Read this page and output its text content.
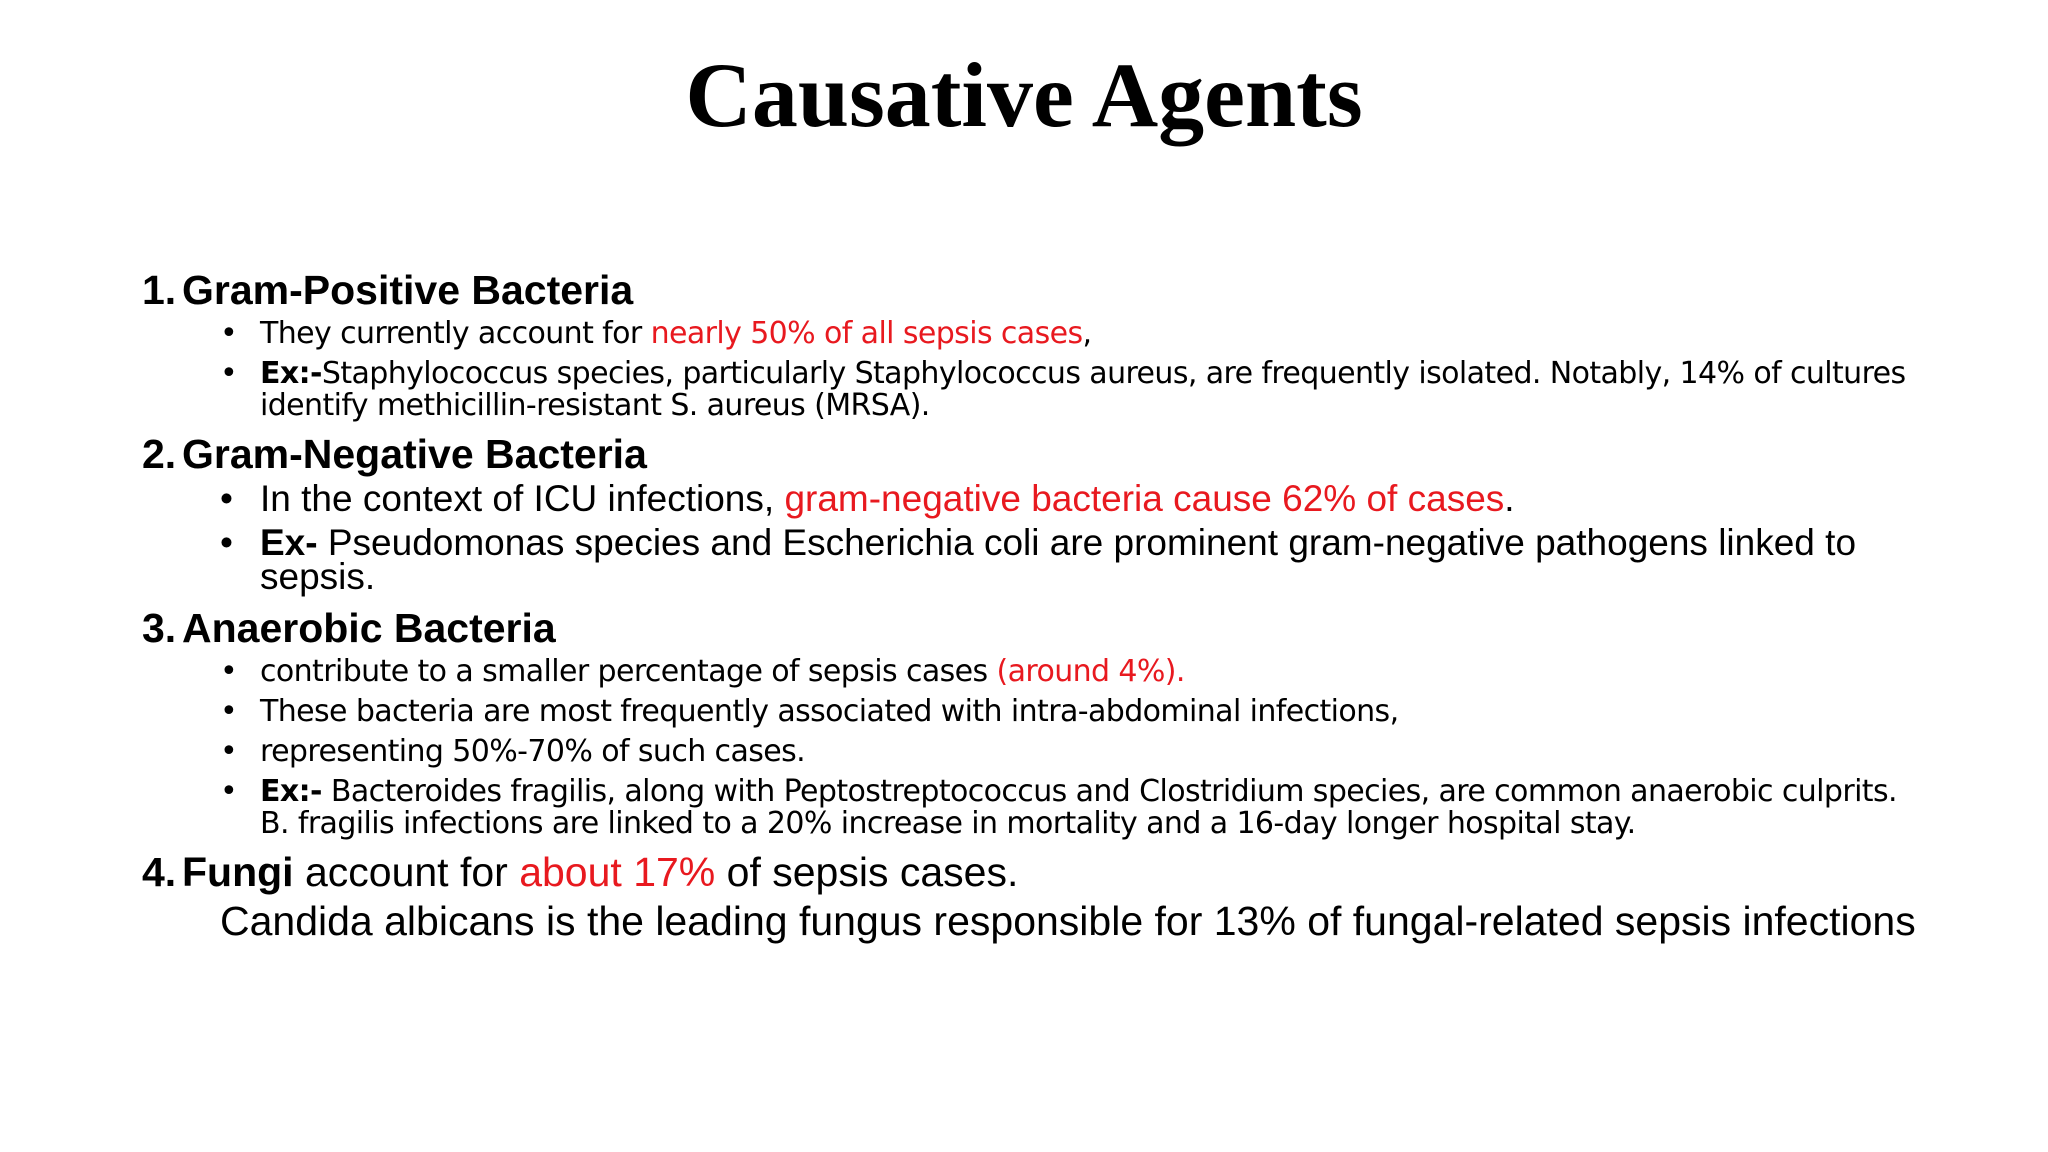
Causative Agents
1. Gram-Positive Bacteria
• They currently account for nearly 50% of all sepsis cases,
• Ex:-Staphylococcus species, particularly Staphylococcus aureus, are frequently isolated. Notably, 14% of cultures identify methicillin-resistant S. aureus (MRSA).
2. Gram-Negative Bacteria
• In the context of ICU infections, gram-negative bacteria cause 62% of cases.
• Ex- Pseudomonas species and Escherichia coli are prominent gram-negative pathogens linked to sepsis.
3. Anaerobic Bacteria
• contribute to a smaller percentage of sepsis cases (around 4%).
• These bacteria are most frequently associated with intra-abdominal infections,
• representing 50%-70% of such cases.
• Ex:- Bacteroides fragilis, along with Peptostreptococcus and Clostridium species, are common anaerobic culprits. B. fragilis infections are linked to a 20% increase in mortality and a 16-day longer hospital stay.
4. Fungi account for about 17% of sepsis cases.
Candida albicans is the leading fungus responsible for 13% of fungal-related sepsis infections
